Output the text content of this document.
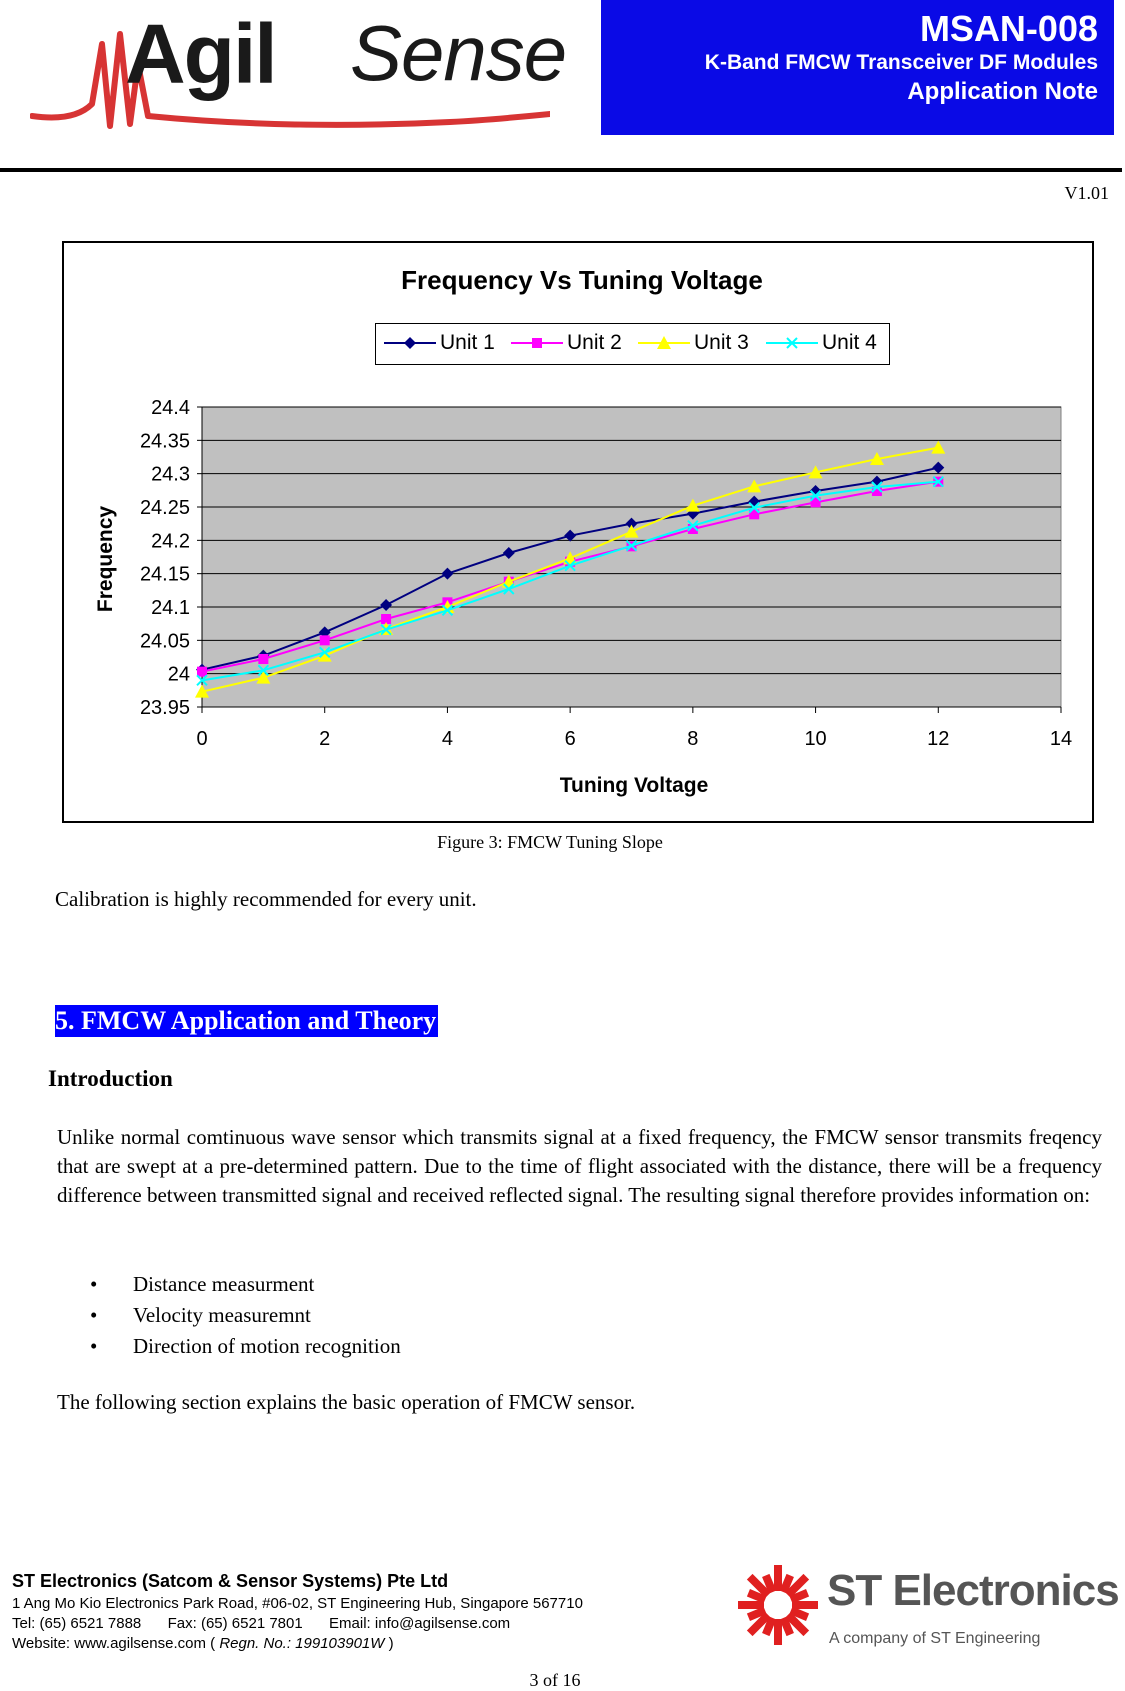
Agil Sense	MSAN-008
K-Band FMCW Transceiver DF Modules
Application Note
V1.01
Frequency Vs Tuning Voltage
Tuning Voltage
Frequency
23.95
24
24.05
24.1
24.15
24.2
24.25
24.3
24.35
24.4
0	2	4	6	8	10	12	14
Unit 1	Unit 2	Unit 3	Unit 4
Figure 3: FMCW Tuning Slope
Calibration is highly recommended for every unit.
5. FMCW Application and Theory
Introduction
Unlike normal comtinuous wave sensor which transmits signal at a fixed frequency, the FMCW sensor transmits freqency that are swept at a pre-determined pattern. Due to the time of flight associated with the distance, there will be a frequency difference between transmitted signal and received reflected signal. The resulting signal therefore provides information on:
• Distance measurment
• Velocity measuremnt
• Direction of motion recognition
The following section explains the basic operation of FMCW sensor.
ST Electronics (Satcom & Sensor Systems) Pte Ltd
1 Ang Mo Kio Electronics Park Road, #06-02, ST Engineering Hub, Singapore 567710
Tel: (65) 6521 7888 Fax: (65) 6521 7801 Email: info@agilsense.com
Website: www.agilsense.com ( Regn. No.: 199103901W )
ST Electronics
A company of ST Engineering
3 of 16
